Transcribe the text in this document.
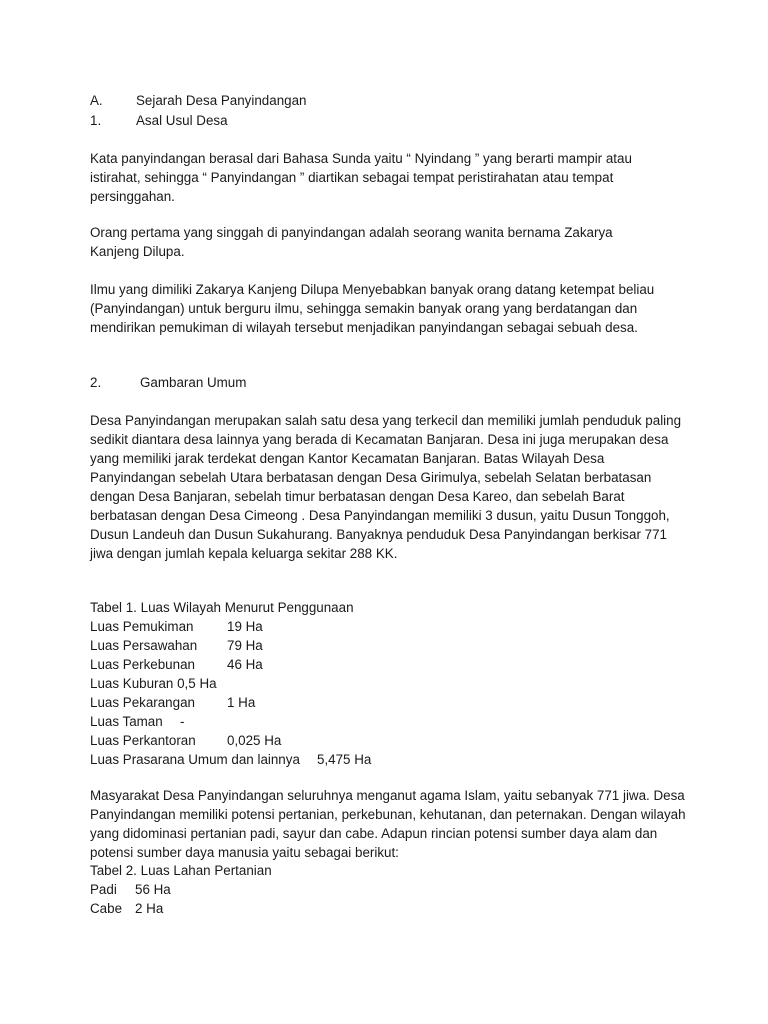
A. Sejarah Desa Panyindangan
1.	Asal Usul Desa

Kata panyindangan berasal dari Bahasa Sunda yaitu “ Nyindang ” yang berarti mampir atau istirahat, sehingga “ Panyindangan ” diartikan sebagai tempat peristirahatan atau tempat persinggahan.

Orang pertama yang singgah di panyindangan adalah seorang wanita bernama Zakarya Kanjeng Dilupa.

Ilmu yang dimiliki Zakarya Kanjeng Dilupa Menyebabkan banyak orang datang ketempat beliau (Panyindangan) untuk berguru ilmu, sehingga semakin banyak orang yang berdatangan dan mendirikan pemukiman di wilayah tersebut menjadikan panyindangan sebagai sebuah desa.

2.	Gambaran Umum

Desa Panyindangan merupakan salah satu desa yang terkecil dan memiliki jumlah penduduk paling sedikit diantara desa lainnya yang berada di Kecamatan Banjaran. Desa ini juga merupakan desa yang memiliki jarak terdekat dengan Kantor Kecamatan Banjaran. Batas Wilayah Desa Panyindangan sebelah Utara berbatasan dengan Desa Girimulya, sebelah Selatan berbatasan dengan Desa Banjaran, sebelah timur berbatasan dengan Desa Kareo, dan sebelah Barat berbatasan dengan Desa Cimeong . Desa Panyindangan memiliki 3 dusun, yaitu Dusun Tonggoh, Dusun Landeuh dan Dusun Sukahurang. Banyaknya penduduk Desa Panyindangan berkisar 771 jiwa dengan jumlah kepala keluarga sekitar 288 KK.

Tabel 1. Luas Wilayah Menurut Penggunaan
Luas Pemukiman	19 Ha
Luas Persawahan 79 Ha
Luas Perkebunan 46 Ha
Luas Kuburan 0,5 Ha
Luas Pekarangan 1 Ha
Luas Taman -
Luas Perkantoran 0,025 Ha
Luas Prasarana Umum dan lainnya 5,475 Ha

Masyarakat Desa Panyindangan seluruhnya menganut agama Islam, yaitu sebanyak 771 jiwa. Desa Panyindangan memiliki potensi pertanian, perkebunan, kehutanan, dan peternakan. Dengan wilayah yang didominasi pertanian padi, sayur dan cabe. Adapun rincian potensi sumber daya alam dan potensi sumber daya manusia yaitu sebagai berikut:

Tabel 2. Luas Lahan Pertanian
Padi 56 Ha
Cabe 2 Ha
